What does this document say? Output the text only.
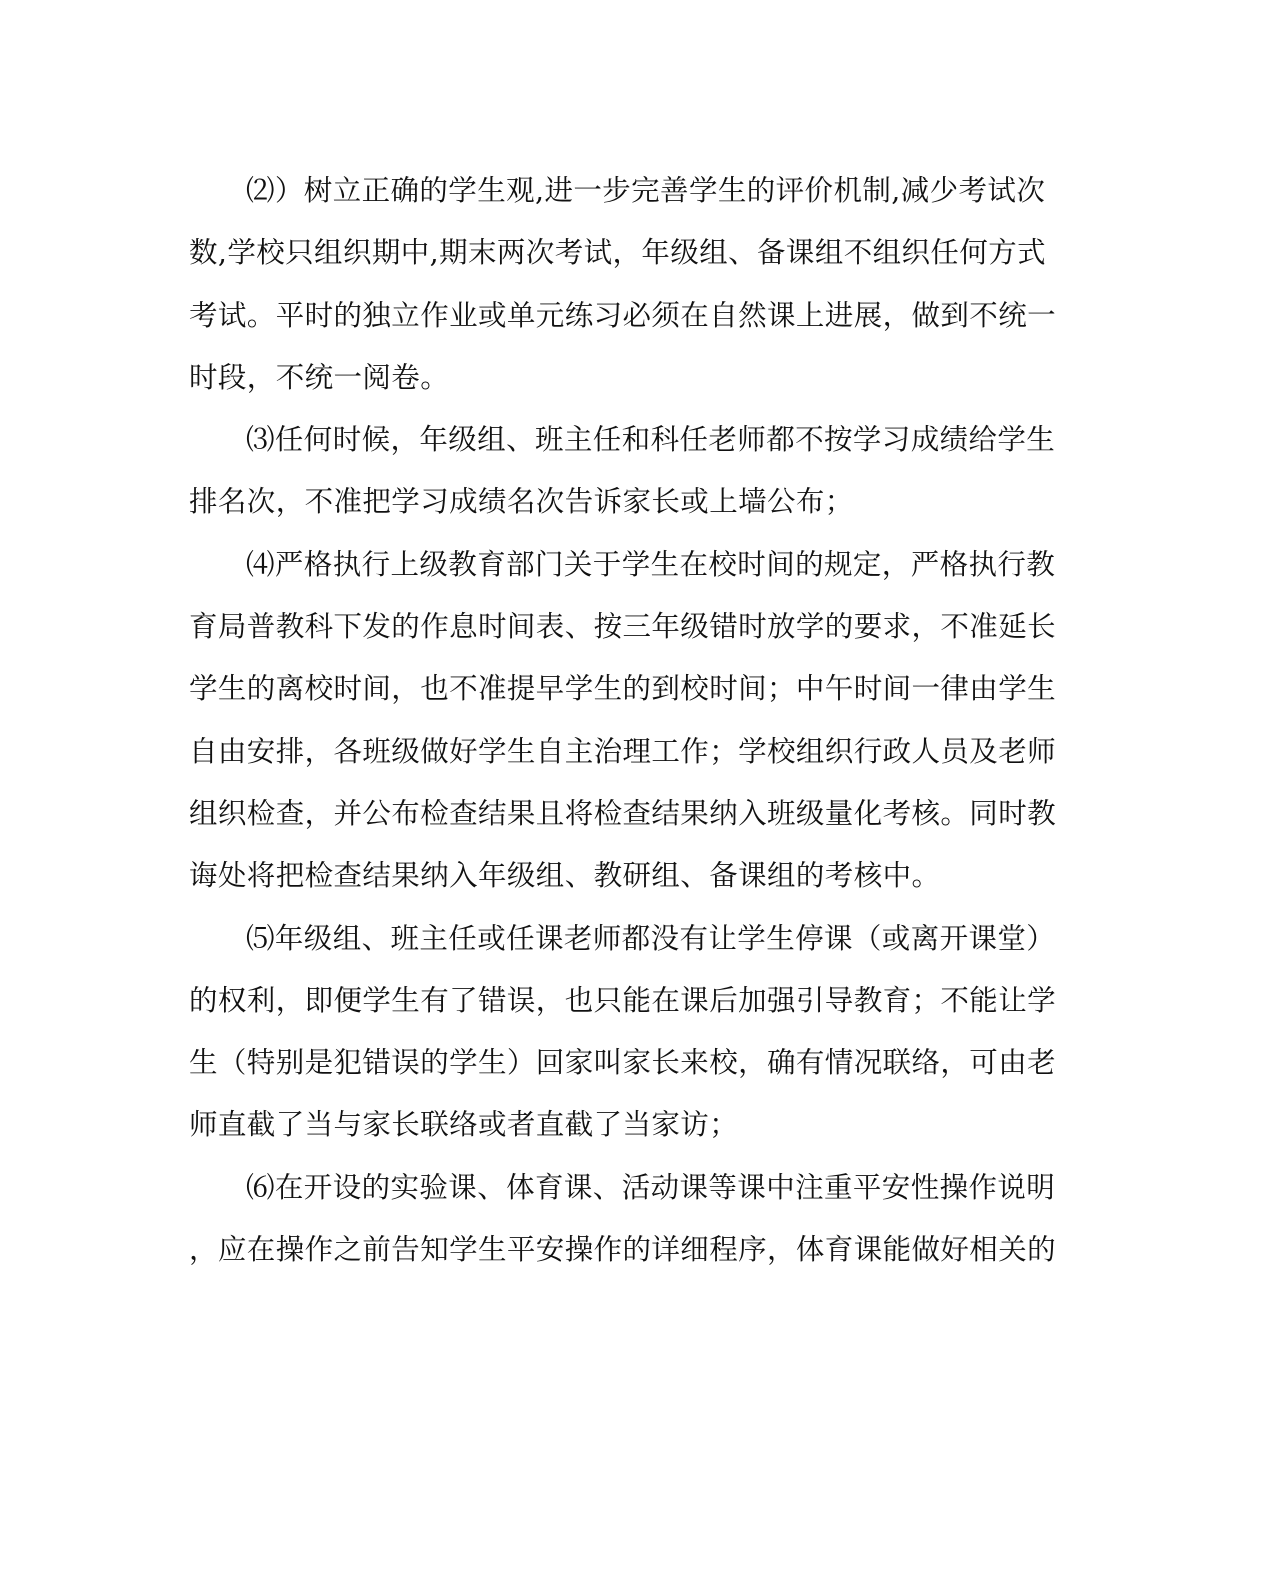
⑵）树立正确的学生观,进一步完善学生的评价机制,减少考试次
数,学校只组织期中,期末两次考试，年级组、备课组不组织任何方式
考试。平时的独立作业或单元练习必须在自然课上进展，做到不统一
时段，不统一阅卷。
⑶任何时候，年级组、班主任和科任老师都不按学习成绩给学生
排名次，不准把学习成绩名次告诉家长或上墙公布；
⑷严格执行上级教育部门关于学生在校时间的规定，严格执行教
育局普教科下发的作息时间表、按三年级错时放学的要求，不准延长
学生的离校时间，也不准提早学生的到校时间；中午时间一律由学生
自由安排，各班级做好学生自主治理工作；学校组织行政人员及老师
组织检查，并公布检查结果且将检查结果纳入班级量化考核。同时教
诲处将把检查结果纳入年级组、教研组、备课组的考核中。
⑸年级组、班主任或任课老师都没有让学生停课（或离开课堂）
的权利，即便学生有了错误，也只能在课后加强引导教育；不能让学
生（特别是犯错误的学生）回家叫家长来校，确有情况联络，可由老
师直截了当与家长联络或者直截了当家访；
⑹在开设的实验课、体育课、活动课等课中注重平安性操作说明
，应在操作之前告知学生平安操作的详细程序，体育课能做好相关的
